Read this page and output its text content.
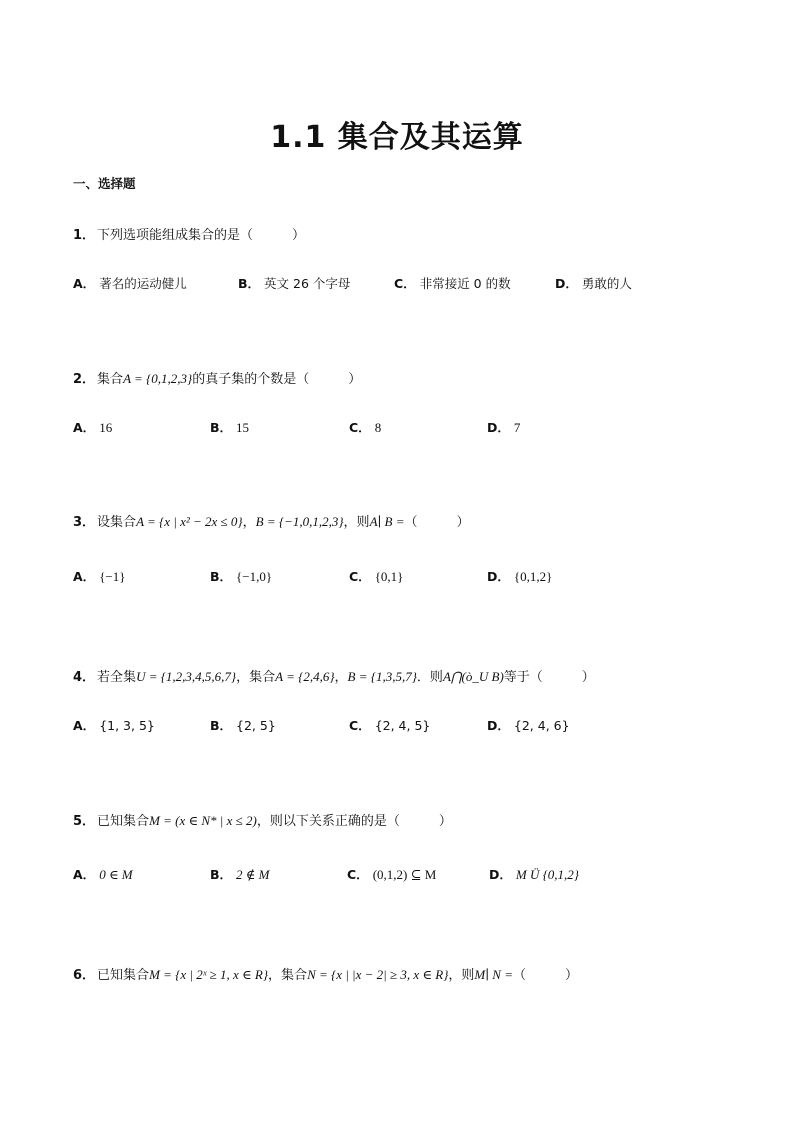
1.1 集合及其运算
一、选择题
1． 下列选项能组成集合的是（　　　）
A． 著名的运动健儿	B． 英文 26 个字母	C． 非常接近 0 的数	D． 勇敢的人
2． 集合A = {0,1,2,3}的真子集的个数是（　　　）
A． 16	B． 15	C． 8	D． 7
3． 设集合A = {x | x² − 2x ≤ 0}，B = {−1,0,1,2,3}，则A∣ B =（　　　）
A． {−1}	B． {−1,0}	C． {0,1}	D． {0,1,2}
4． 若全集U = {1,2,3,4,5,6,7}，集合A = {2,4,6}，B = {1,3,5,7}．则A⋂(ò_U B)等于（　　　）
A． {1, 3, 5}	B． {2, 5}	C． {2, 4, 5}	D． {2, 4, 6}
5． 已知集合M = (x ∈ N* | x ≤ 2)，则以下关系正确的是（　　　）
A． 0 ∈ M	B． 2 ∉ M	C． (0,1,2) ⊆ M	D． M Ü {0,1,2}
6． 已知集合M = {x | 2ˣ ≥ 1, x ∈ R}，集合N = {x | |x − 2| ≥ 3, x ∈ R}，则M∣ N =（　　　）
